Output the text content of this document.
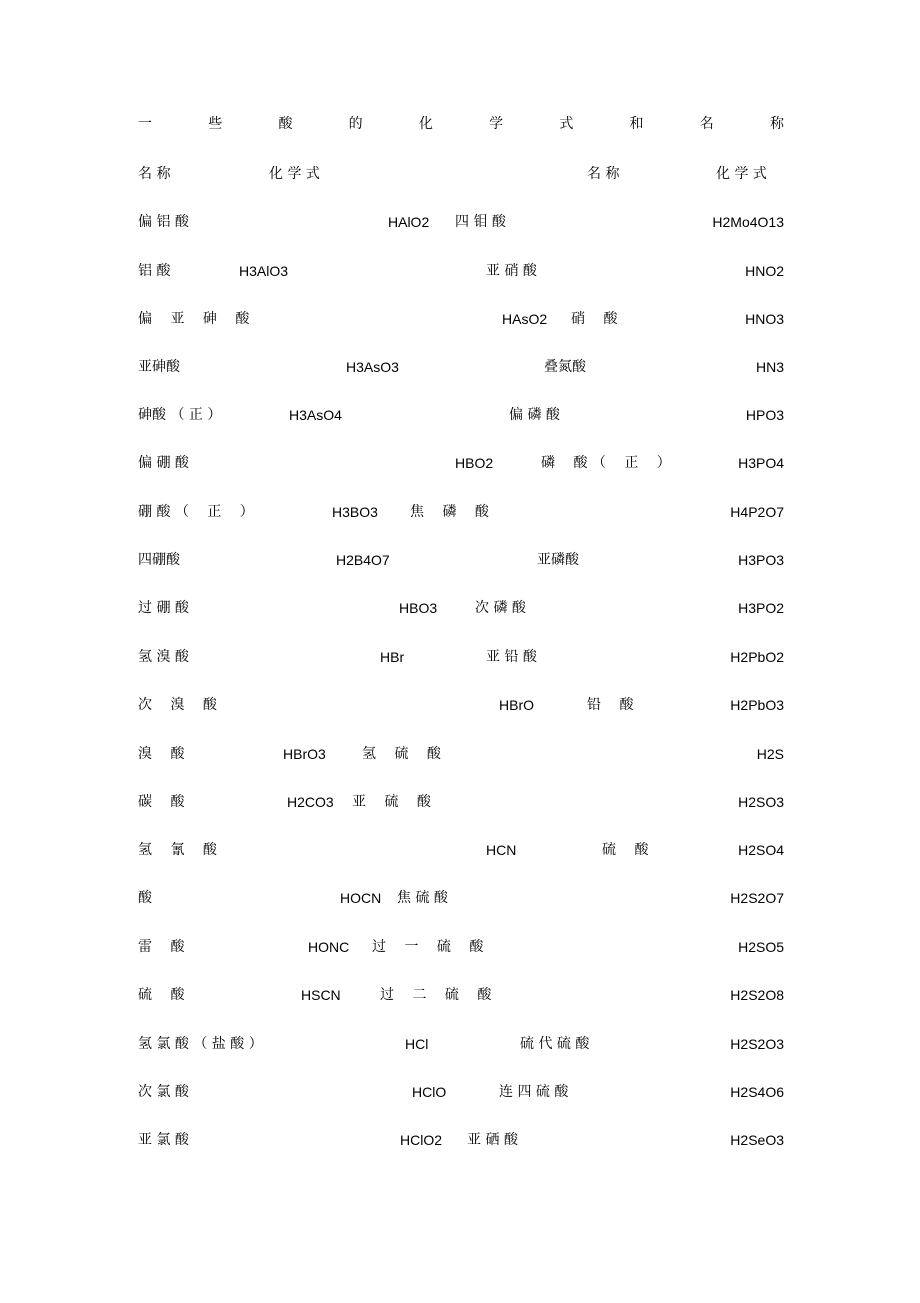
一	些	酸	的	化	学	式	和	名	称
名 称	化 学 式	名 称	化 学 式
偏 铝 酸	HAlO2 四 钼 酸	H2Mo4O13
铝 酸	H3AlO3	亚 硝 酸	HNO2
偏 　亚 　砷 　酸	HAsO2 硝 　酸	HNO3
亚砷酸	H3AsO3	叠氮酸	HN3
砷酸 （ 正 ）	H3AsO4	偏 磷 酸	HPO3
偏 硼 酸	HBO2	磷 　酸 （ 　正 　）	H3PO4
硼 酸 （ 　正 　）	H3BO3 焦 　磷 　酸	H4P2O7
四硼酸	H2B4O7	亚磷酸	H3PO3
过 硼 酸	HBO3	次 磷 酸	H3PO2
氢 溴 酸	HBr	亚 铅 酸	H2PbO2
次 　溴 　酸	HBrO	铅 　酸	H2PbO3
溴 　酸	HBrO3	氢 　硫 　酸	H2S
碳 　酸	H2CO3 亚 　硫 　酸	H2SO3
氢 　氰 　酸	HCN	硫 　酸	H2SO4
酸	HOCN 焦 硫 酸	H2S2O7
雷 　酸	HONC 过 　一 　硫 　酸	H2SO5
硫 　酸	HSCN	过 　二 　硫 　酸	H2S2O8
氢 氯 酸 （ 盐 酸 ）	HCl	硫 代 硫 酸	H2S2O3
次 氯 酸	HClO	连 四 硫 酸	H2S4O6
亚 氯 酸	HClO2 亚 硒 酸	H2SeO3
